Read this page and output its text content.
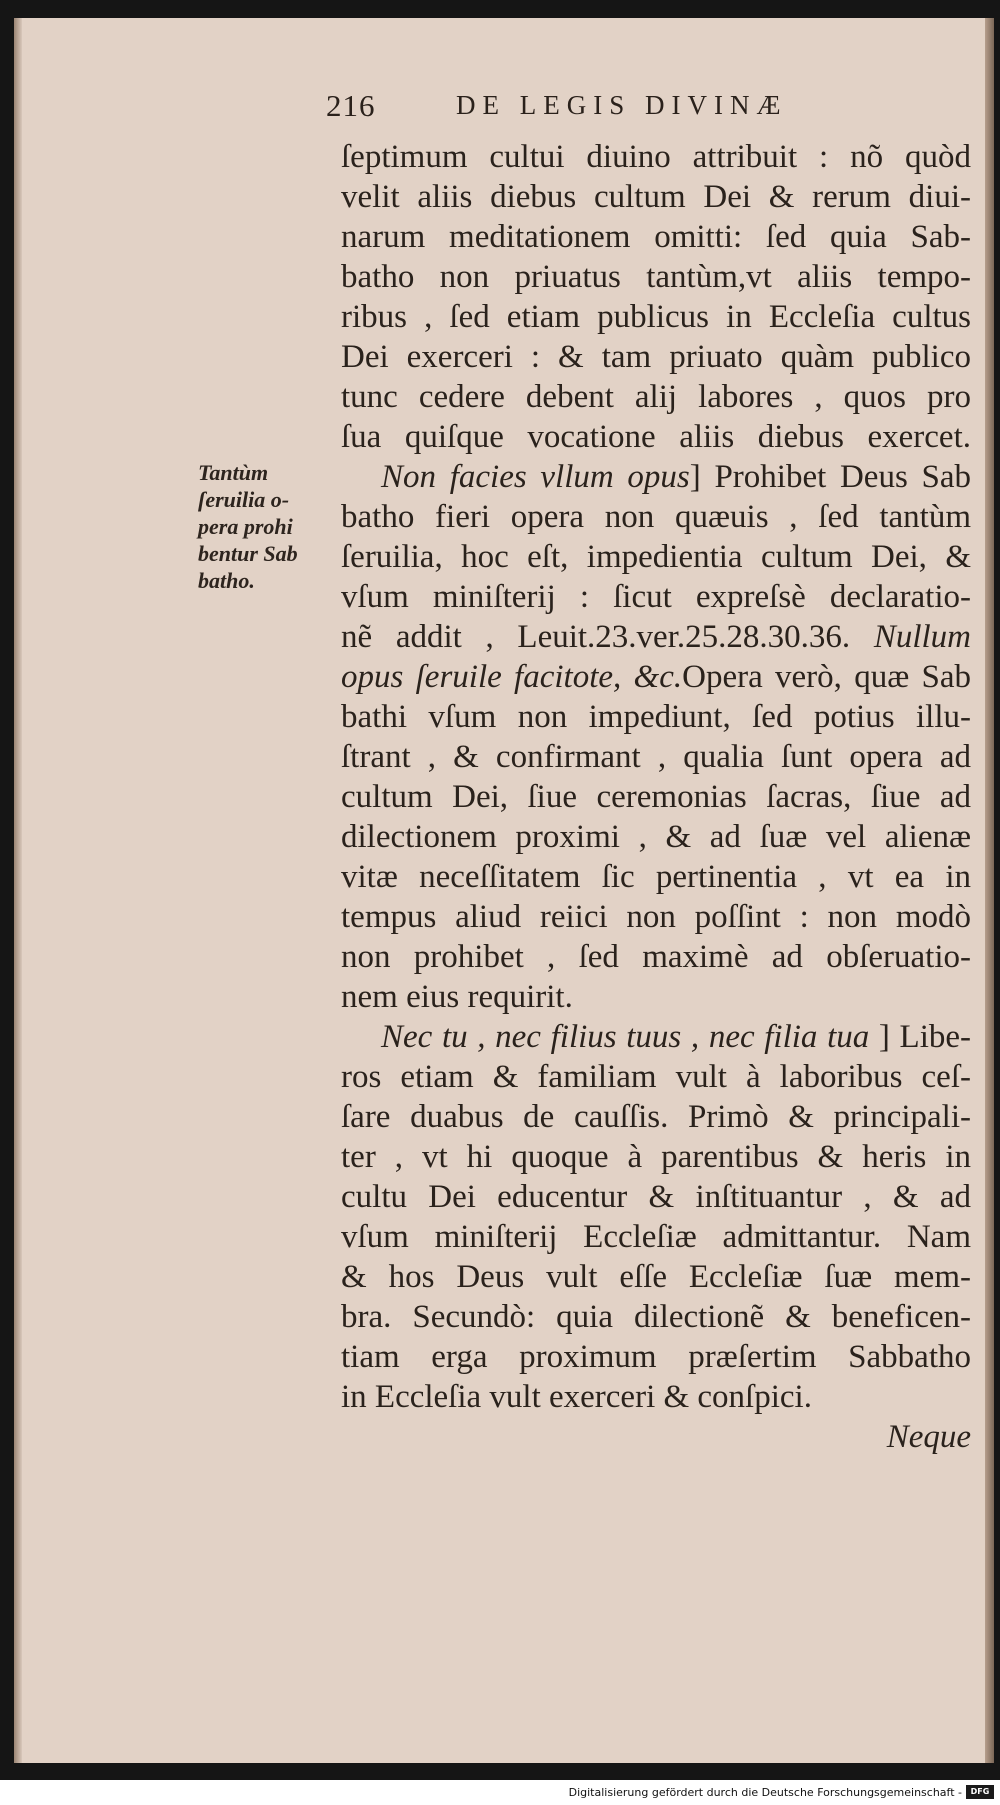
216	DE LEGIS DIVINÆ
Tantùm
ſeruilia o-
pera prohi
bentur Sab
batho.
ſeptimum cultui diuino attribuit : nõ quòd
velit aliis diebus cultum Dei & rerum diui-
narum meditationem omitti: ſed quia Sab-
batho non priuatus tantùm,vt aliis tempo-
ribus , ſed etiam publicus in Eccleſia cultus
Dei exerceri : & tam priuato quàm publico
tunc cedere debent alij labores , quos pro
ſua quiſque vocatione aliis diebus exercet.
Non facies vllum opus] Prohibet Deus Sab
batho fieri opera non quæuis , ſed tantùm
ſeruilia, hoc eſt, impedientia cultum Dei, &
vſum miniſterij : ſicut expreſsè declaratio-
nẽ addit , Leuit.23.ver.25.28.30.36. Nullum
opus ſeruile facitote, &c.Opera verò, quæ Sab
bathi vſum non impediunt, ſed potius illu-
ſtrant , & confirmant , qualia ſunt opera ad
cultum Dei, ſiue ceremonias ſacras, ſiue ad
dilectionem proximi , & ad ſuæ vel alienæ
vitæ neceſſitatem ſic pertinentia , vt ea in
tempus aliud reiici non poſſint : non modò
non prohibet , ſed maximè ad obſeruatio-
nem eius requirit.
Nec tu , nec filius tuus , nec filia tua ] Libe-
ros etiam & familiam vult à laboribus ceſ-
ſare duabus de cauſſis. Primò & principali-
ter , vt hi quoque à parentibus & heris in
cultu Dei educentur & inſtituantur , & ad
vſum miniſterij Eccleſiæ admittantur. Nam
& hos Deus vult eſſe Eccleſiæ ſuæ mem-
bra. Secundò: quia dilectionẽ & beneficen-
tiam erga proximum præſertim Sabbatho
in Eccleſia vult exerceri & conſpici.
Neque
Digitalisierung gefördert durch die Deutsche Forschungsgemeinschaft -	DFG
